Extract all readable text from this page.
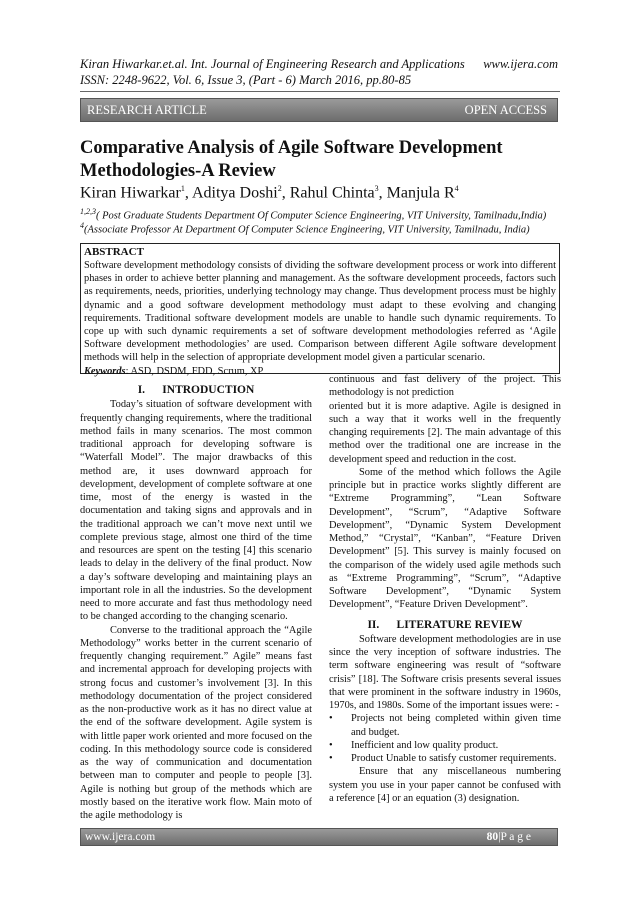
Kiran Hiwarkar.et.al. Int. Journal of Engineering Research and Applications www.ijera.com
ISSN: 2248-9622, Vol. 6, Issue 3, (Part - 6) March 2016, pp.80-85
RESEARCH ARTICLE	OPEN ACCESS
Comparative Analysis of Agile Software Development Methodologies-A Review
Kiran Hiwarkar$^1$, Aditya Doshi$^2$, Rahul Chinta$^3$, Manjula $R^4$
$^{1,2,3}$( Post Graduate Students Department Of Computer Science Engineering, VIT University, Tamilnadu,India)
$^4$(Associate Professor At Department Of Computer Science Engineering, VIT University, Tamilnadu, India)
ABSTRACT
Software development methodology consists of dividing the software development process or work into different phases in order to achieve better planning and management. As the software development proceeds, factors such as requirements, needs, priorities, underlying technology may change. Thus development process must be highly dynamic and a good software development methodology must adapt to these evolving and changing requirements. Traditional software development models are unable to handle such dynamic requirements. To cope up with such dynamic requirements a set of software development methodologies referred as ‘Agile Software development methodologies’ are used. Comparison between different Agile software development methods will help in the selection of appropriate development model given a particular scenario.
Keywords: ASD, DSDM, FDD, Scrum, XP
I.      INTRODUCTION

Today’s situation of software development with frequently changing requirements, where the traditional method fails in many scenarios. The most common traditional approach for developing software is “Waterfall Model”. The major drawbacks of this method are, it uses downward approach for development, development of complete software at one time, most of the energy is wasted in the documentation and taking signs and approvals and in the traditional approach we can’t move next until we complete previous stage, almost one third of the time and resources are spent on the testing [4] this scenario leads to delay in the delivery of the final product. Now a day’s software developing and maintaining plays an important role in all the industries. So the development need to more accurate and fast thus methodology need to be changed according to the changing scenario.

Converse to the traditional approach the “Agile Methodology” works better in the current scenario of frequently changing requirement.” Agile” means fast and incremental approach for developing projects with strong focus and customer’s involvement [3]. In this methodology documentation of the project considered as the non-productive work as it has no direct value at the end of the software development. Agile system is with little paper work oriented and more focused on the coding. In this methodology source code is considered as the way of communication and documentation between man to computer and people to people [3]. Agile is nothing but group of the methods which are mostly based on the iterative work flow. Main moto of the agile methodology is

continuous and fast delivery of the project. This methodology is not prediction

oriented but it is more adaptive. Agile is designed in such a way that it works well in the frequently changing requirements [2]. The main advantage of this method over the traditional one are increase in the development speed and reduction in the cost.

Some of the method which follows the Agile principle but in practice works slightly different are “Extreme Programming”, “Lean Software Development”, “Scrum”, “Adaptive Software Development”, “Dynamic System Development Method,” “Crystal”, “Kanban”, “Feature Driven Development” [5]. This survey is mainly focused on the comparison of the widely used agile methods such as “Extreme Programming”, “Scrum”, “Adaptive Software Development”, “Dynamic System Development”, “Feature Driven Development”.

II.      LITERATURE REVIEW

Software development methodologies are in use since the very inception of software industries. The term software engineering was result of “software crisis” [18]. The Software crisis presents several issues that were prominent in the software industry in 1960s, 1970s, and 1980s. Some of the important issues were: -

•	Projects not being completed within given time and budget.
•	Inefficient and low quality product.
•	Product Unable to satisfy customer requirements.

Ensure that any miscellaneous numbering system you use in your paper cannot be confused with a reference [4] or an equation (3) designation.

www.ijera.com	80|P a g e
